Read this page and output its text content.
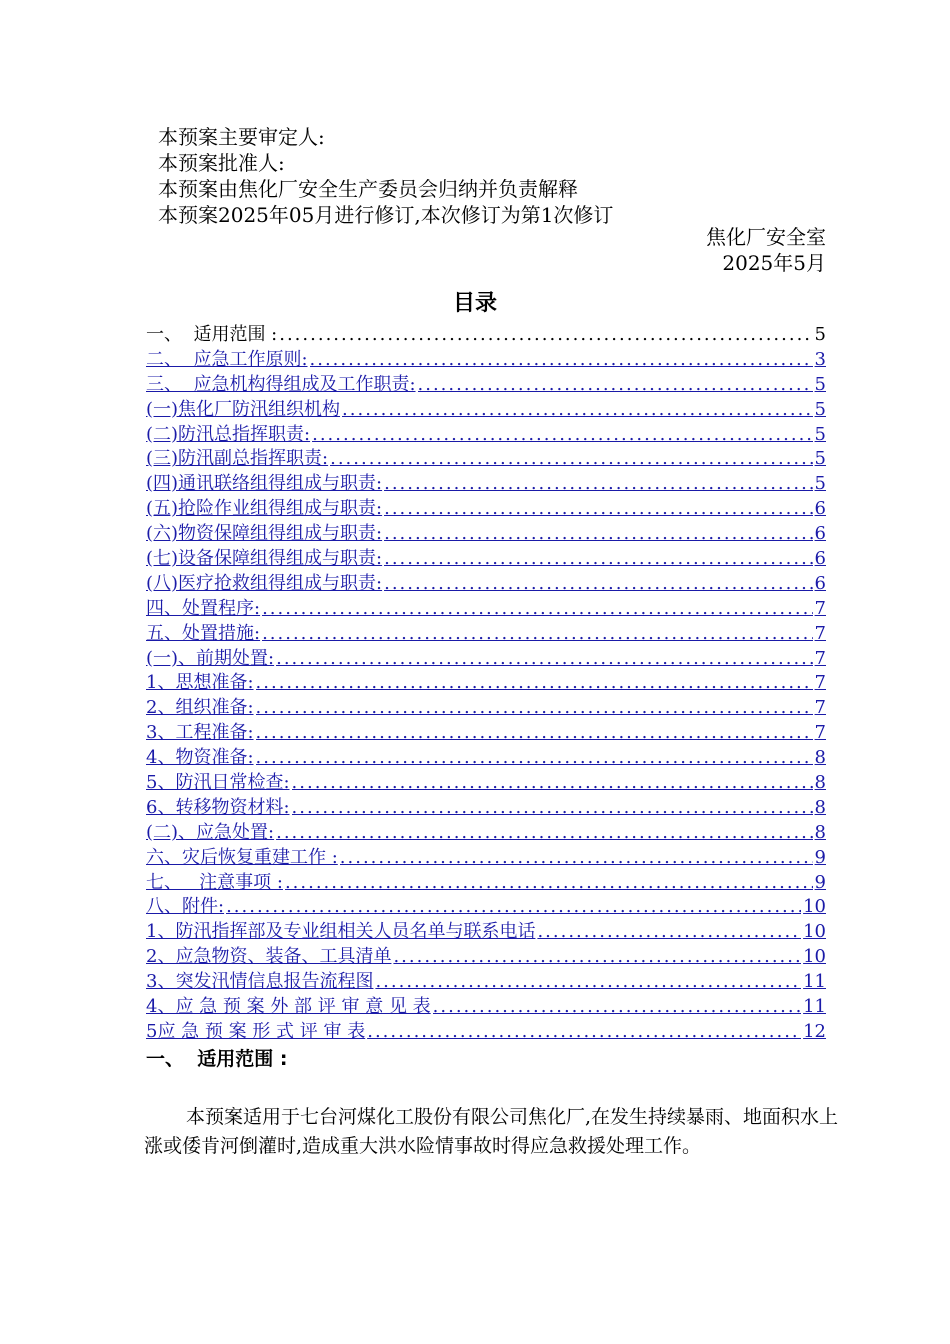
本预案主要审定人:
本预案批准人:
本预案由焦化厂安全生产委员会归纳并负责解释
本预案2025年05月进行修订,本次修订为第1次修订
焦化厂安全室
2025年5月
目录
一、  适用范围 : .....	5
二、  应急工作原则: .....	3
三、  应急机构得组成及工作职责: .....	5
(一)焦化厂防汛组织机构 .....	5
(二)防汛总指挥职责: .....	5
(三)防汛副总指挥职责: .....	5
(四)通讯联络组得组成与职责: .....	5
(五)抢险作业组得组成与职责: .....	6
(六)物资保障组得组成与职责: .....	6
(七)设备保障组得组成与职责: .....	6
(八)医疗抢救组得组成与职责: .....	6
四、处置程序: .....	7
五、处置措施: .....	7
(一)、前期处置: .....	7
1、思想准备: .....	7
2、组织准备: .....	7
3、工程准备: .....	7
4、物资准备: .....	8
5、防汛日常检查: .....	8
6、转移物资材料: .....	8
(二)、应急处置: .....	8
六、灾后恢复重建工作 : .....	9
七、   注意事项 : .....	9
八、附件: .....	10
1、防汛指挥部及专业组相关人员名单与联系电话 .....	10
2、应急物资、装备、工具清单 .....	10
3、突发汛情信息报告流程图 .....	11
4、应 急 预 案 外 部 评 审 意 见 表 .....	11
5应 急 预 案 形 式 评 审 表 .....	12
一、  适用范围 :
本预案适用于七台河煤化工股份有限公司焦化厂,在发生持续暴雨、地面积水上涨或倭肯河倒灌时,造成重大洪水险情事故时得应急救援处理工作。
